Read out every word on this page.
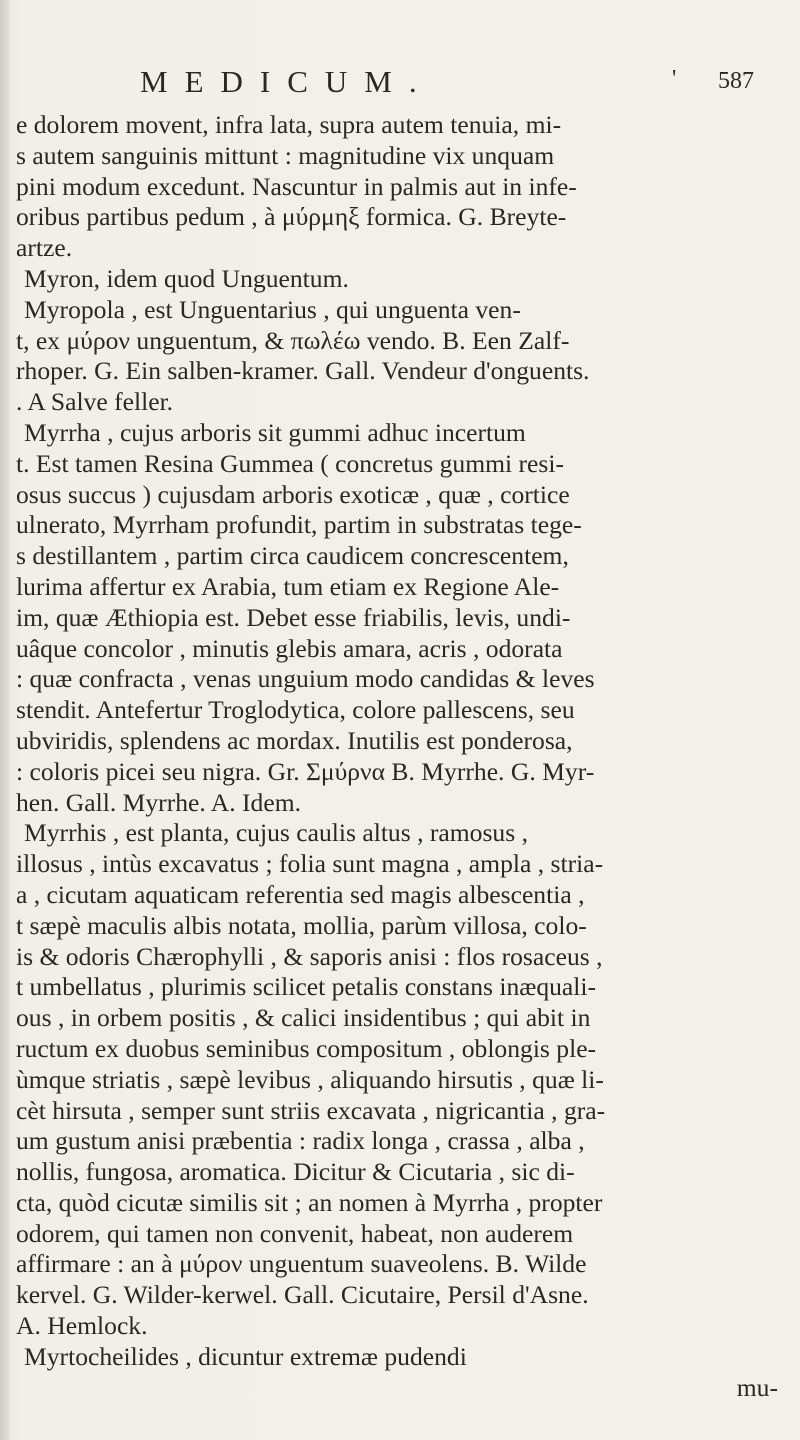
MEDICUM.	' 587
e dolorem movent, infra lata, supra autem tenuia, mi-
s autem sanguinis mittunt : magnitudine vix unquam
pini modum excedunt. Nascuntur in palmis aut in infe-
oribus partibus pedum , à μύρμηξ formica. G. Breyte-
artze.
Myron, idem quod Unguentum.
Myropola , est Unguentarius , qui unguenta ven-
t, ex μύρον unguentum, & πωλέω vendo. B. Een Zalf-
rhoper. G. Ein salben-kramer. Gall. Vendeur d'onguents.
. A Salve feller.
Myrrha , cujus arboris sit gummi adhuc incertum
t. Est tamen Resina Gummea ( concretus gummi resi-
osus succus ) cujusdam arboris exoticæ , quæ , cortice
ulnerato, Myrrham profundit, partim in substratas tege-
s destillantem , partim circa caudicem concrescentem,
lurima affertur ex Arabia, tum etiam ex Regione Ale-
im, quæ Æthiopia est. Debet esse friabilis, levis, undi-
uâque concolor , minutis glebis amara, acris , odorata
: quæ confracta , venas unguium modo candidas & leves
stendit. Antefertur Troglodytica, colore pallescens, seu
ubviridis, splendens ac mordax. Inutilis est ponderosa,
: coloris picei seu nigra. Gr. Σμύρνα B. Myrrhe. G. Myr-
hen. Gall. Myrrhe. A. Idem.
Myrrhis , est planta, cujus caulis altus , ramosus ,
illosus , intùs excavatus ; folia sunt magna , ampla , stria-
a , cicutam aquaticam referentia sed magis albescentia ,
t sæpè maculis albis notata, mollia, parùm villosa, colo-
is & odoris Chærophylli , & saporis anisi : flos rosaceus ,
t umbellatus , plurimis scilicet petalis constans inæquali-
ous , in orbem positis , & calici insidentibus ; qui abit in
ructum ex duobus seminibus compositum , oblongis ple-
ùmque striatis , sæpè levibus , aliquando hirsutis , quæ li-
cèt hirsuta , semper sunt striis excavata , nigricantia , gra-
um gustum anisi præbentia : radix longa , crassa , alba ,
nollis, fungosa, aromatica. Dicitur & Cicutaria , sic di-
cta, quòd cicutæ similis sit ; an nomen à Myrrha , propter
odorem, qui tamen non convenit, habeat, non auderem
affirmare : an à μύρον unguentum suaveolens. B. Wilde
kervel. G. Wilder-kerwel. Gall. Cicutaire, Persil d'Asne.
A. Hemlock.
Myrtocheilides , dicuntur extremæ pudendi
mu-
